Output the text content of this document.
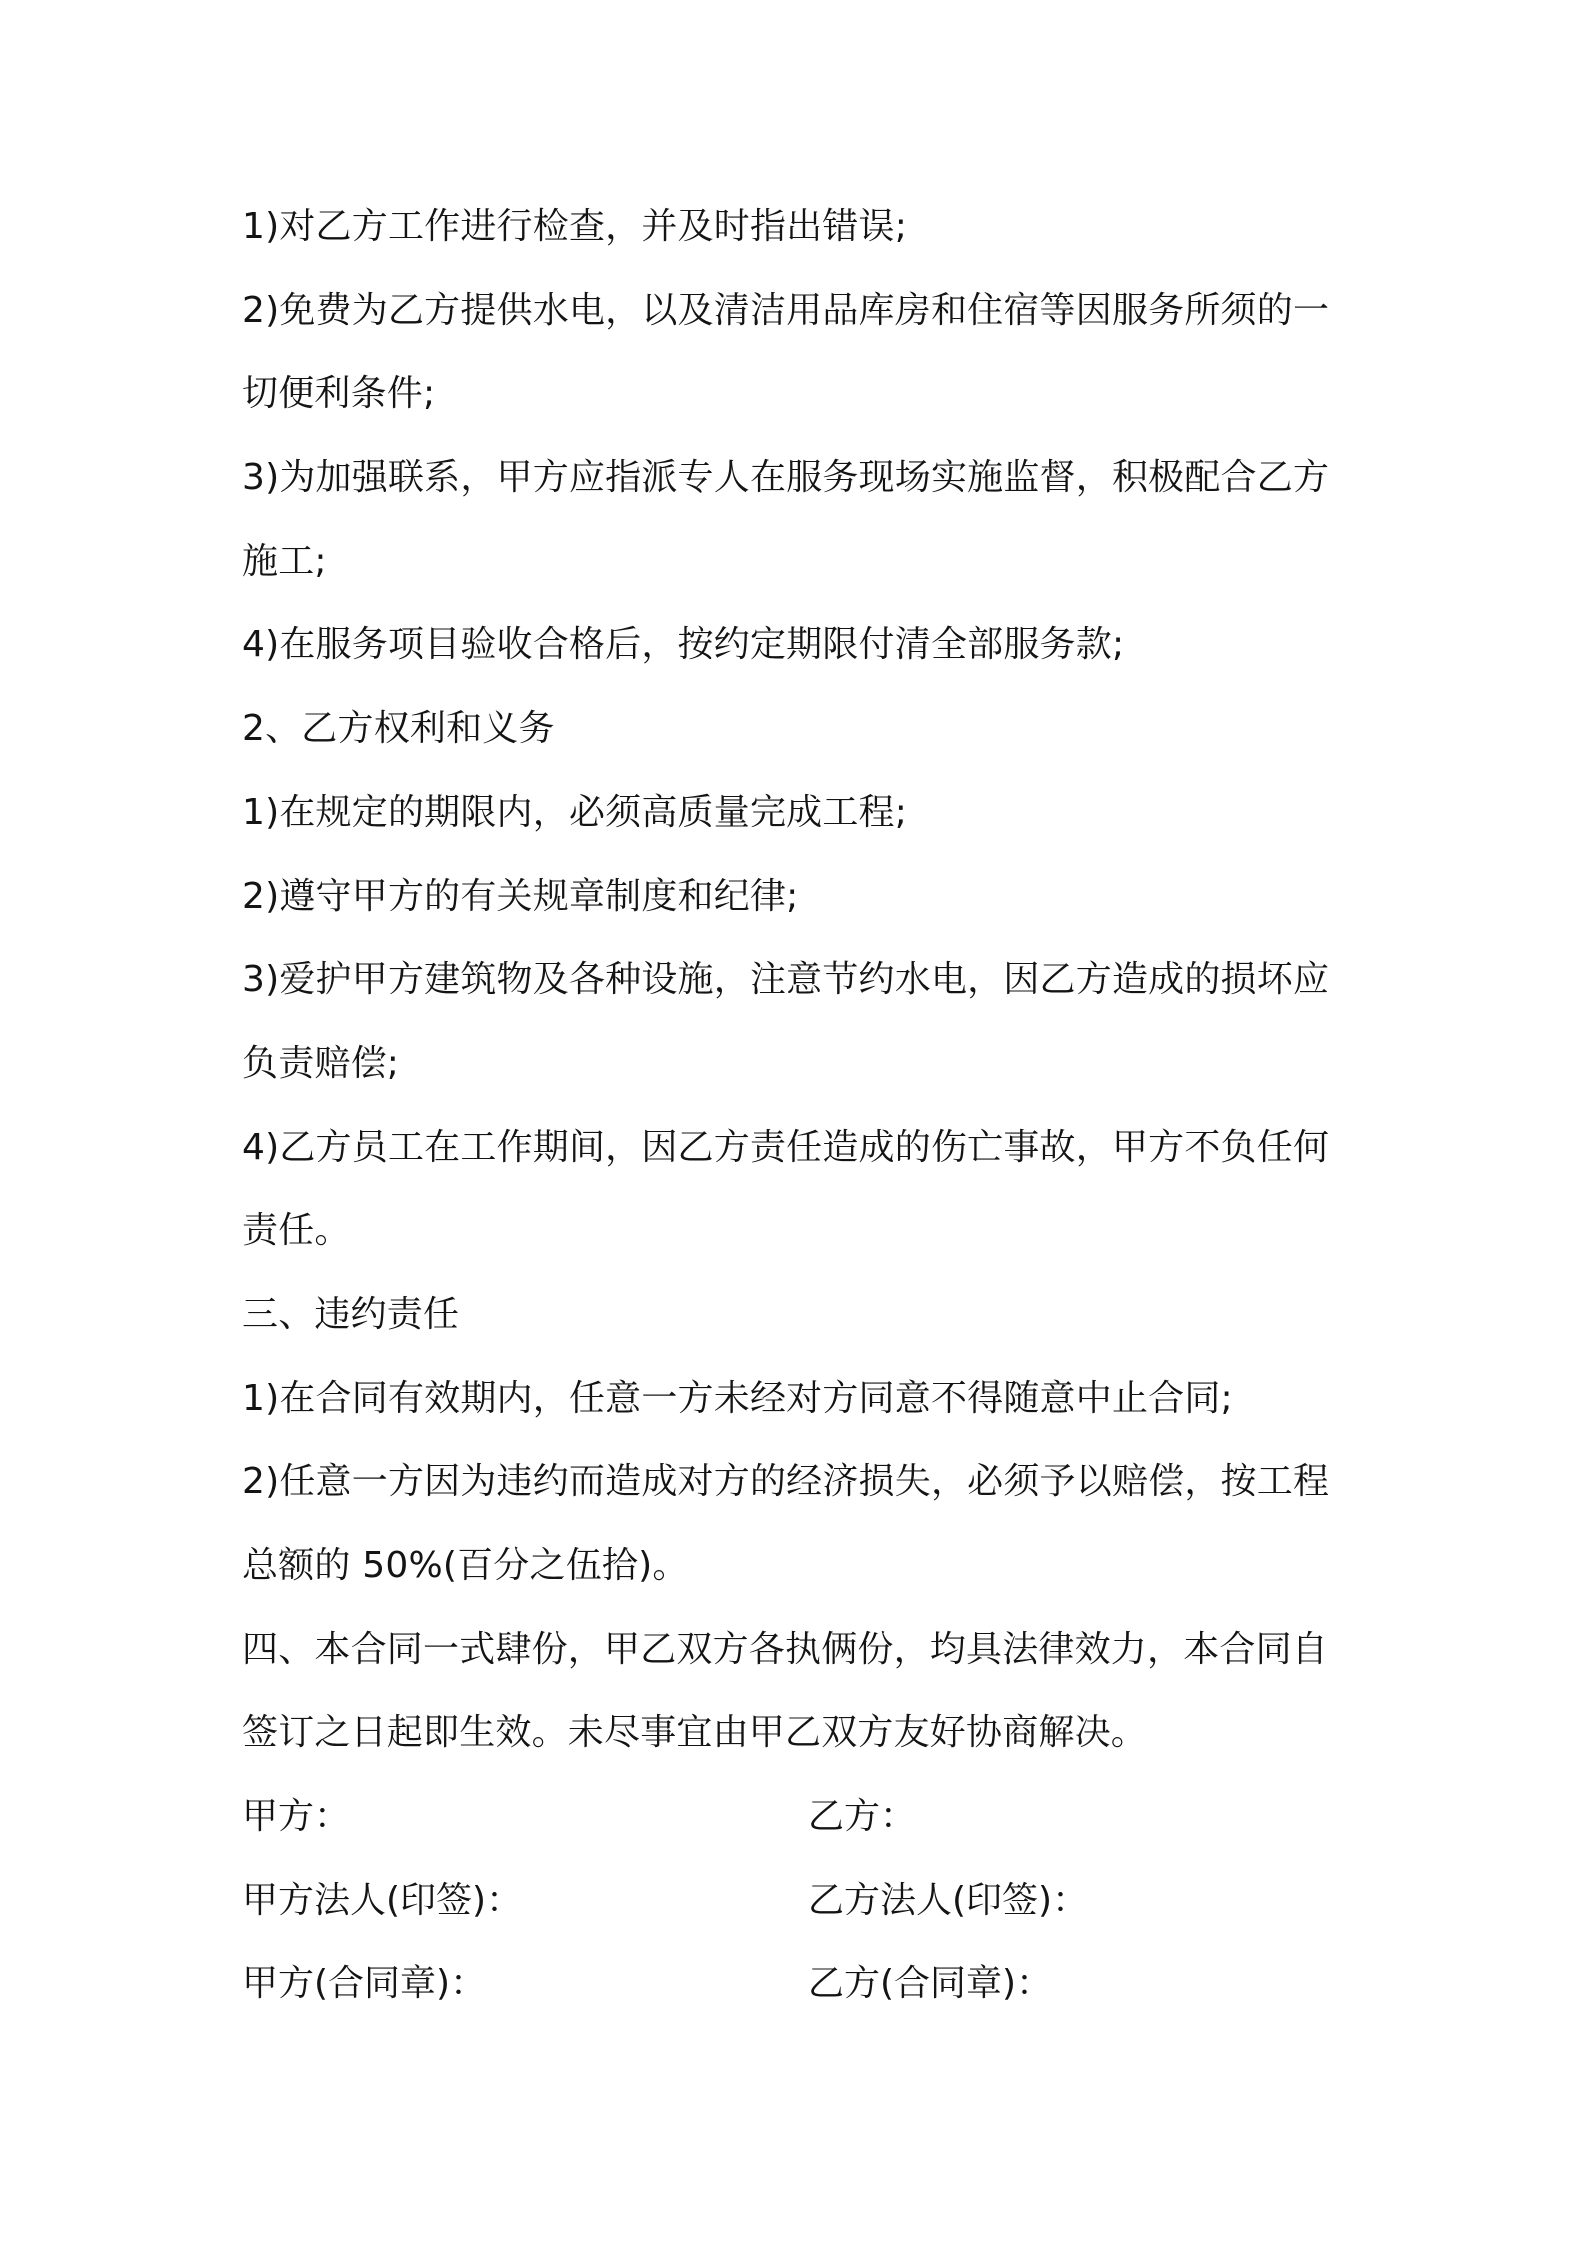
1)对乙方工作进行检查，并及时指出错误;
2)免费为乙方提供水电，以及清洁用品库房和住宿等因服务所须的一
切便利条件;
3)为加强联系，甲方应指派专人在服务现场实施监督，积极配合乙方
施工;
4)在服务项目验收合格后，按约定期限付清全部服务款;
2、乙方权利和义务
1)在规定的期限内，必须高质量完成工程;
2)遵守甲方的有关规章制度和纪律;
3)爱护甲方建筑物及各种设施，注意节约水电，因乙方造成的损坏应
负责赔偿;
4)乙方员工在工作期间，因乙方责任造成的伤亡事故，甲方不负任何
责任。
三、违约责任
1)在合同有效期内，任意一方未经对方同意不得随意中止合同;
2)任意一方因为违约而造成对方的经济损失，必须予以赔偿，按工程
总额的 50%(百分之伍拾)。
四、本合同一式肆份，甲乙双方各执俩份，均具法律效力，本合同自
签订之日起即生效。未尽事宜由甲乙双方友好协商解决。
甲方：	乙方：
甲方法人(印签)：	乙方法人(印签)：
甲方(合同章)：	乙方(合同章)：
